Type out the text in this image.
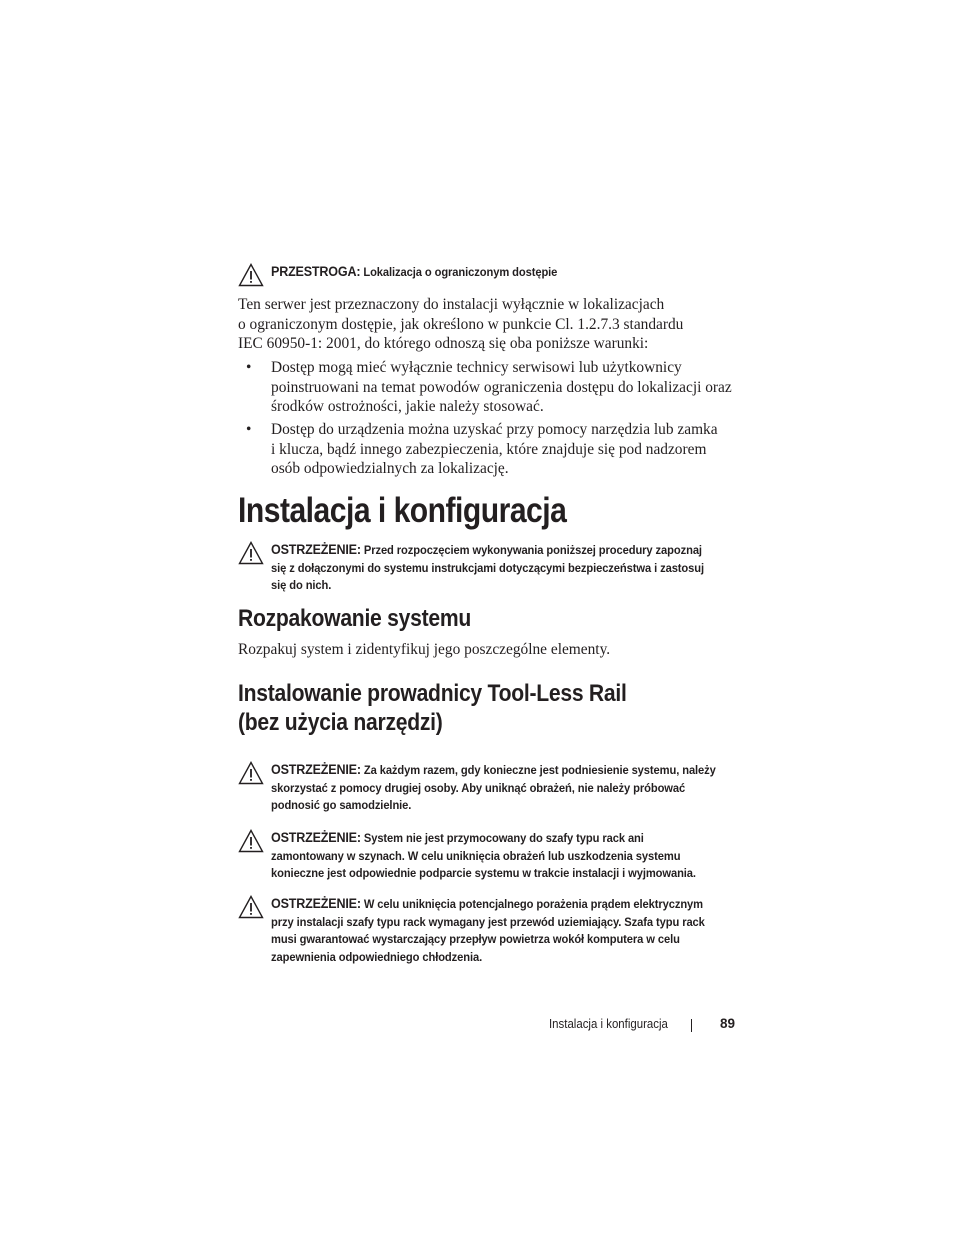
PRZESTROGA: Lokalizacja o ograniczonym dostępie
Ten serwer jest przeznaczony do instalacji wyłącznie w lokalizacjach
o ograniczonym dostępie, jak określono w punkcie Cl. 1.2.7.3 standardu
IEC 60950-1: 2001, do którego odnoszą się oba poniższe warunki:
• Dostęp mogą mieć wyłącznie technicy serwisowi lub użytkownicy
poinstruowani na temat powodów ograniczenia dostępu do lokalizacji oraz
środków ostrożności, jakie należy stosować.
• Dostęp do urządzenia można uzyskać przy pomocy narzędzia lub zamka
i klucza, bądź innego zabezpieczenia, które znajduje się pod nadzorem
osób odpowiedzialnych za lokalizację.
Instalacja i konfiguracja
OSTRZEŻENIE: Przed rozpoczęciem wykonywania poniższej procedury zapoznaj
się z dołączonymi do systemu instrukcjami dotyczącymi bezpieczeństwa i zastosuj
się do nich.
Rozpakowanie systemu
Rozpakuj system i zidentyfikuj jego poszczególne elementy.
Instalowanie prowadnicy Tool-Less Rail
(bez użycia narzędzi)
OSTRZEŻENIE: Za każdym razem, gdy konieczne jest podniesienie systemu, należy
skorzystać z pomocy drugiej osoby. Aby uniknąć obrażeń, nie należy próbować
podnosić go samodzielnie.
OSTRZEŻENIE: System nie jest przymocowany do szafy typu rack ani
zamontowany w szynach. W celu uniknięcia obrażeń lub uszkodzenia systemu
konieczne jest odpowiednie podparcie systemu w trakcie instalacji i wyjmowania.
OSTRZEŻENIE: W celu uniknięcia potencjalnego porażenia prądem elektrycznym
przy instalacji szafy typu rack wymagany jest przewód uziemiający. Szafa typu rack
musi gwarantować wystarczający przepływ powietrza wokół komputera w celu
zapewnienia odpowiedniego chłodzenia.
Instalacja i konfiguracja	89
